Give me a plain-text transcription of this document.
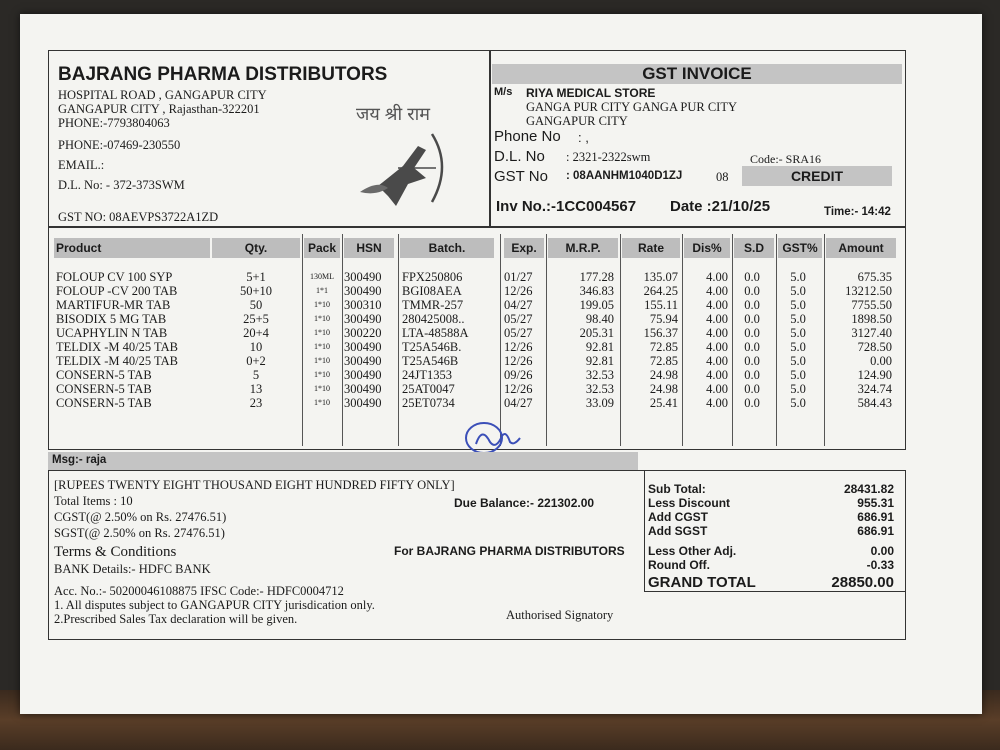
BAJRANG PHARMA DISTRIBUTORS
HOSPITAL ROAD , GANGAPUR CITY
GANGAPUR CITY , Rajasthan-322201
PHONE:-7793804063
PHONE:-07469-230550
EMAIL.:
D.L. No: - 372-373SWM
GST NO: 08AEVPS3722A1ZD
जय श्री राम
GST INVOICE
M/s RIYA MEDICAL STORE
GANGA PUR CITY GANGA PUR CITY
GANGAPUR CITY
Phone No : ,
D.L. No : 2321-2322swm	Code:- SRA16
GST No : 08AANHM1040D1ZJ	08	CREDIT
Inv No.:-1CC004567 Date :21/10/25	Time:- 14:42
Product	Qty.	Pack	HSN	Batch.	Exp.	M.R.P.	Rate	Dis%	S.D	GST%	Amount
FOLOUP CV 100 SYP	5+1	130ML 300490	FPX250806	01/27	177.28	135.07	4.00	0.0	5.0	675.35
FOLOUP -CV 200 TAB	50+10	1*1	300490	BGI08AEA	12/26	346.83	264.25	4.00	0.0	5.0	13212.50
MARTIFUR-MR TAB	50	1*10	300310	TMMR-257	04/27	199.05	155.11	4.00	0.0	5.0	7755.50
BISODIX 5 MG TAB	25+5	1*10	300490	280425008..	05/27	98.40	75.94	4.00	0.0	5.0	1898.50
UCAPHYLIN N TAB	20+4	1*10	300220	LTA-48588A	05/27	205.31	156.37	4.00	0.0	5.0	3127.40
TELDIX -M 40/25 TAB	10	1*10	300490	T25A546B.	12/26	92.81	72.85	4.00	0.0	5.0	728.50
TELDIX -M 40/25 TAB	0+2	1*10	300490	T25A546B	12/26	92.81	72.85	4.00	0.0	5.0	0.00
CONSERN-5 TAB	5	1*10	300490	24JT1353	09/26	32.53	24.98	4.00	0.0	5.0	124.90
CONSERN-5 TAB	13	1*10	300490	25AT0047	12/26	32.53	24.98	4.00	0.0	5.0	324.74
CONSERN-5 TAB	23	1*10	300490	25ET0734	04/27	33.09	25.41	4.00	0.0	5.0	584.43
Msg:- raja
[RUPEES TWENTY EIGHT THOUSAND EIGHT HUNDRED FIFTY ONLY]
Total Items : 10	Due Balance:- 221302.00
CGST(@ 2.50% on Rs. 27476.51)
SGST(@ 2.50% on Rs. 27476.51)
Terms & Conditions
BANK Details:- HDFC BANK
Acc. No.:- 50200046108875 IFSC Code:- HDFC0004712
1. All disputes subject to GANGAPUR CITY jurisdication only.
2.Prescribed Sales Tax declaration will be given.
For BAJRANG PHARMA DISTRIBUTORS
Authorised Signatory
Sub Total:	28431.82
Less Discount	955.31
Add CGST	686.91
Add SGST	686.91
Less Other Adj.	0.00
Round Off.	-0.33
GRAND TOTAL	28850.00
